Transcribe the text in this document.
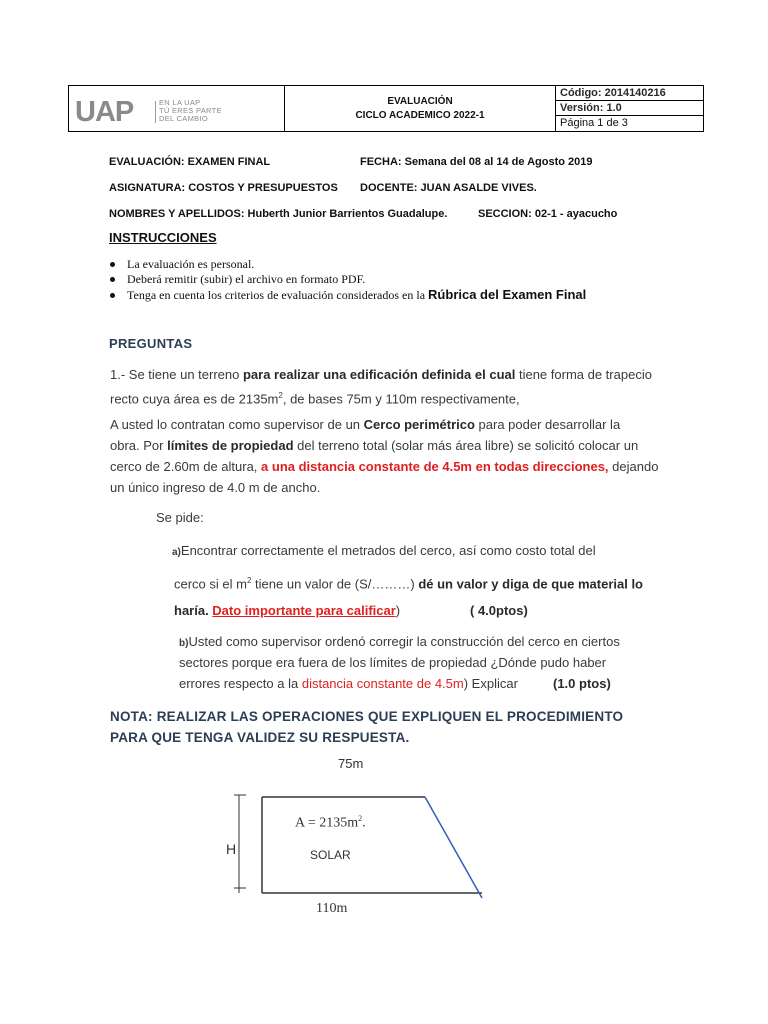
UAP	EN LA UAP
TÚ ERES PARTE
DEL CAMBIO
EVALUACIÓN
CICLO ACADEMICO 2022-1
Código: 2014140216
Versión: 1.0
Página 1 de 3
EVALUACIÓN: EXAMEN FINAL	FECHA: Semana del 08 al 14 de Agosto 2019
ASIGNATURA: COSTOS Y PRESUPUESTOS DOCENTE: JUAN ASALDE VIVES.
NOMBRES Y APELLIDOS: Huberth Junior Barrientos Guadalupe.	SECCION: 02-1 - ayacucho
INSTRUCCIONES
La evaluación es personal.
Deberá remitir (subir) el archivo en formato PDF.
Tenga en cuenta los criterios de evaluación considerados en la Rúbrica del Examen Final
PREGUNTAS
1.- Se tiene un terreno para realizar una edificación definida el cual tiene forma de trapecio
recto cuya área es de $2135m^2$, de bases 75m y 110m respectivamente,
A usted lo contratan como supervisor de un Cerco perimétrico para poder desarrollar la
obra. Por límites de propiedad del terreno total (solar más área libre) se solicitó colocar un
cerco de 2.60m de altura, a una distancia constante de 4.5m en todas direcciones, dejando
un único ingreso de 4.0 m de ancho.
Se pide:
a)Encontrar correctamente el metrados del cerco, así como costo total del
cerco si el $m^2$ tiene un valor de (S/………) dé un valor y diga de que material lo
haría. Dato importante para calificar)	( 4.0ptos)
b)Usted como supervisor ordenó corregir la construcción del cerco en ciertos
sectores porque era fuera de los límites de propiedad ¿Dónde pudo haber
errores respecto a la distancia constante de 4.5m) Explicar	(1.0 ptos)
NOTA: REALIZAR LAS OPERACIONES QUE EXPLIQUEN EL PROCEDIMIENTO
PARA QUE TENGA VALIDEZ SU RESPUESTA.
75m
H
$A = 2135m^2$.
SOLAR
110m
